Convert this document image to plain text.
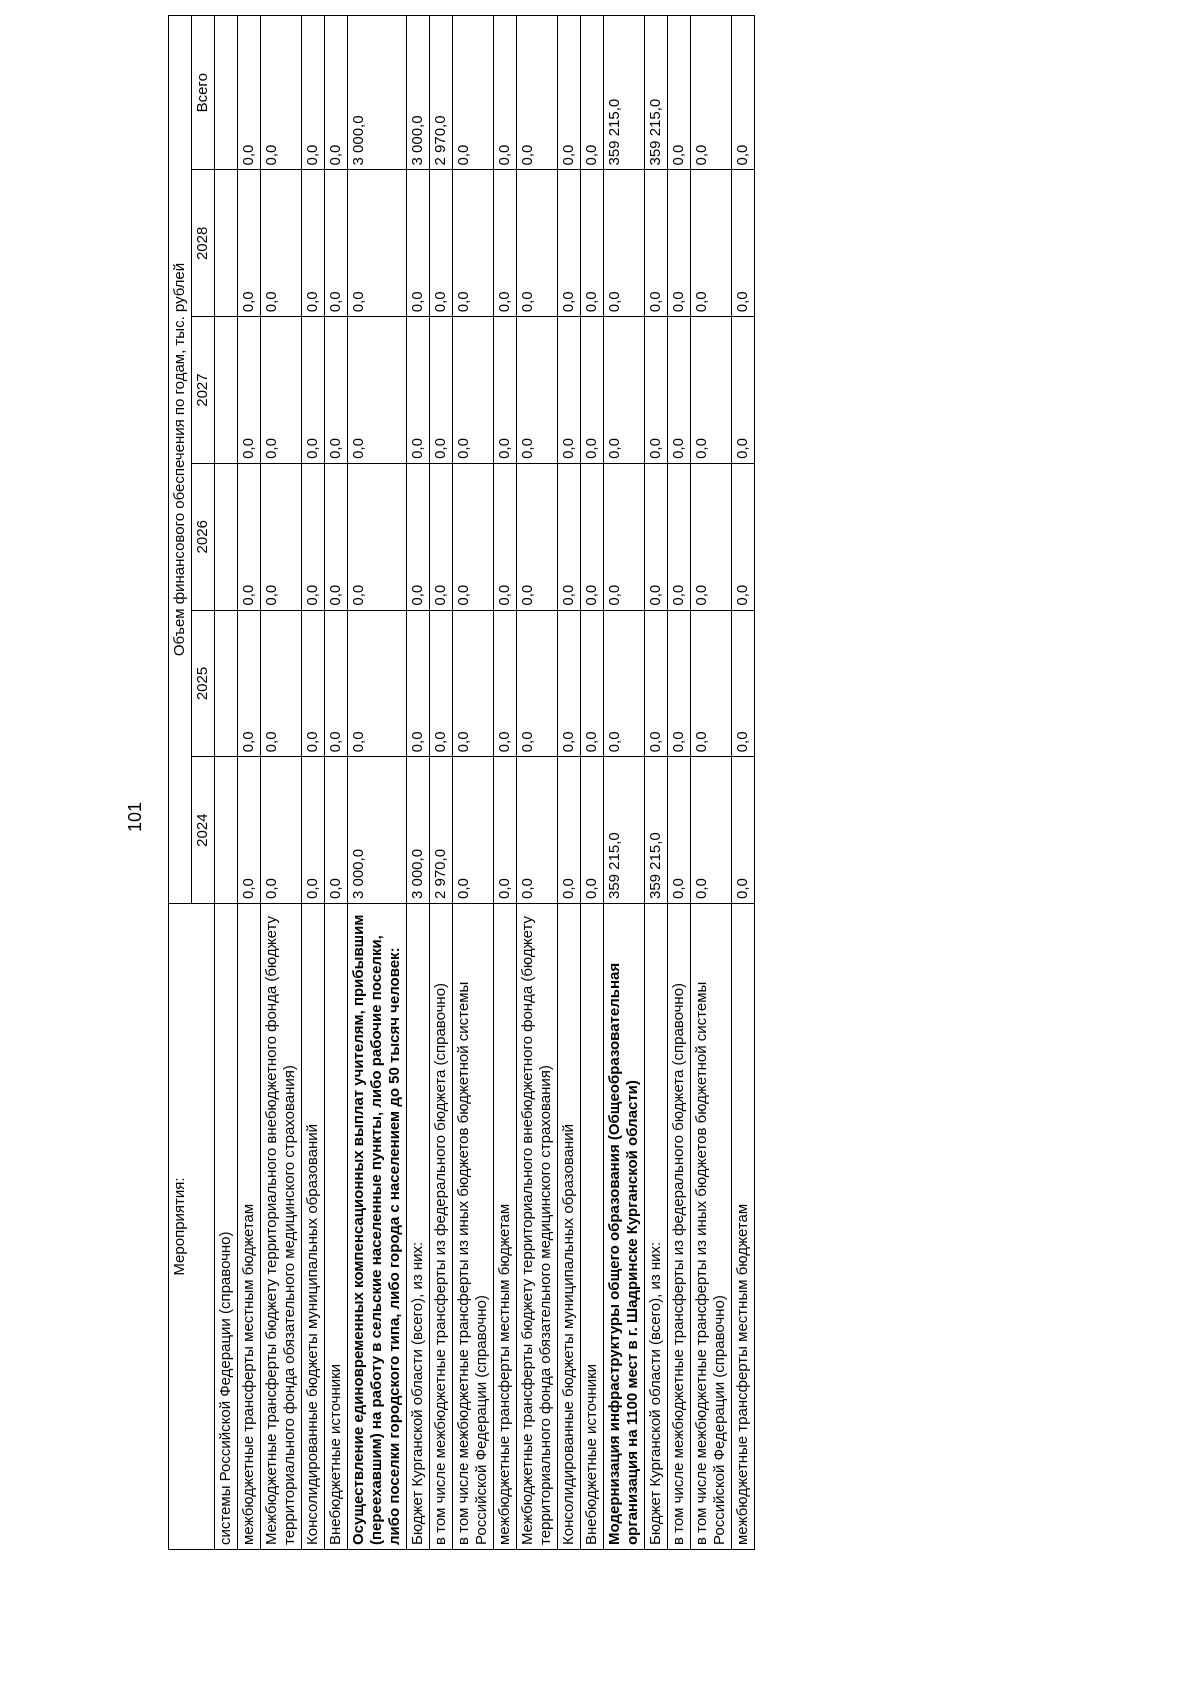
101
Мероприятия:	Объем финансового обеспечения по годам, тыс. рублей					
	2024	2025	2026	2027	2028	Всего
системы Российской Федерации (справочно)						
межбюджетные трансферты местным бюджетам	0,0	0,0	0,0	0,0	0,0	0,0
Межбюджетные трансферты бюджету территориального внебюджетного фонда (бюджету территориального фонда обязательного медицинского страхования)	0,0	0,0	0,0	0,0	0,0	0,0
Консолидированные бюджеты муниципальных образований	0,0	0,0	0,0	0,0	0,0	0,0
Внебюджетные источники	0,0	0,0	0,0	0,0	0,0	0,0
Осуществление единовременных компенсационных выплат учителям, прибывшим (переехавшим) на работу в сельские населенные пункты, либо рабочие поселки, либо поселки городского типа, либо города с населением до 50 тысяч человек:	3 000,0	0,0	0,0	0,0	0,0	3 000,0
Бюджет Курганской области (всего), из них:	3 000,0	0,0	0,0	0,0	0,0	3 000,0
в том числе межбюджетные трансферты из федерального бюджета (справочно)	2 970,0	0,0	0,0	0,0	0,0	2 970,0
в том числе межбюджетные трансферты из иных бюджетов бюджетной системы Российской Федерации (справочно)	0,0	0,0	0,0	0,0	0,0	0,0
межбюджетные трансферты местным бюджетам	0,0	0,0	0,0	0,0	0,0	0,0
Межбюджетные трансферты бюджету территориального внебюджетного фонда (бюджету территориального фонда обязательного медицинского страхования)	0,0	0,0	0,0	0,0	0,0	0,0
Консолидированные бюджеты муниципальных образований	0,0	0,0	0,0	0,0	0,0	0,0
Внебюджетные источники	0,0	0,0	0,0	0,0	0,0	0,0
Модернизация инфраструктуры общего образования (Общеобразовательная организация на 1100 мест в г. Шадринске Курганской области)	359 215,0	0,0	0,0	0,0	0,0	359 215,0
Бюджет Курганской области (всего), из них:	359 215,0	0,0	0,0	0,0	0,0	359 215,0
в том числе межбюджетные трансферты из федерального бюджета (справочно)	0,0	0,0	0,0	0,0	0,0	0,0
в том числе межбюджетные трансферты из иных бюджетов бюджетной системы Российской Федерации (справочно)	0,0	0,0	0,0	0,0	0,0	0,0
межбюджетные трансферты местным бюджетам	0,0	0,0	0,0	0,0	0,0	0,0
